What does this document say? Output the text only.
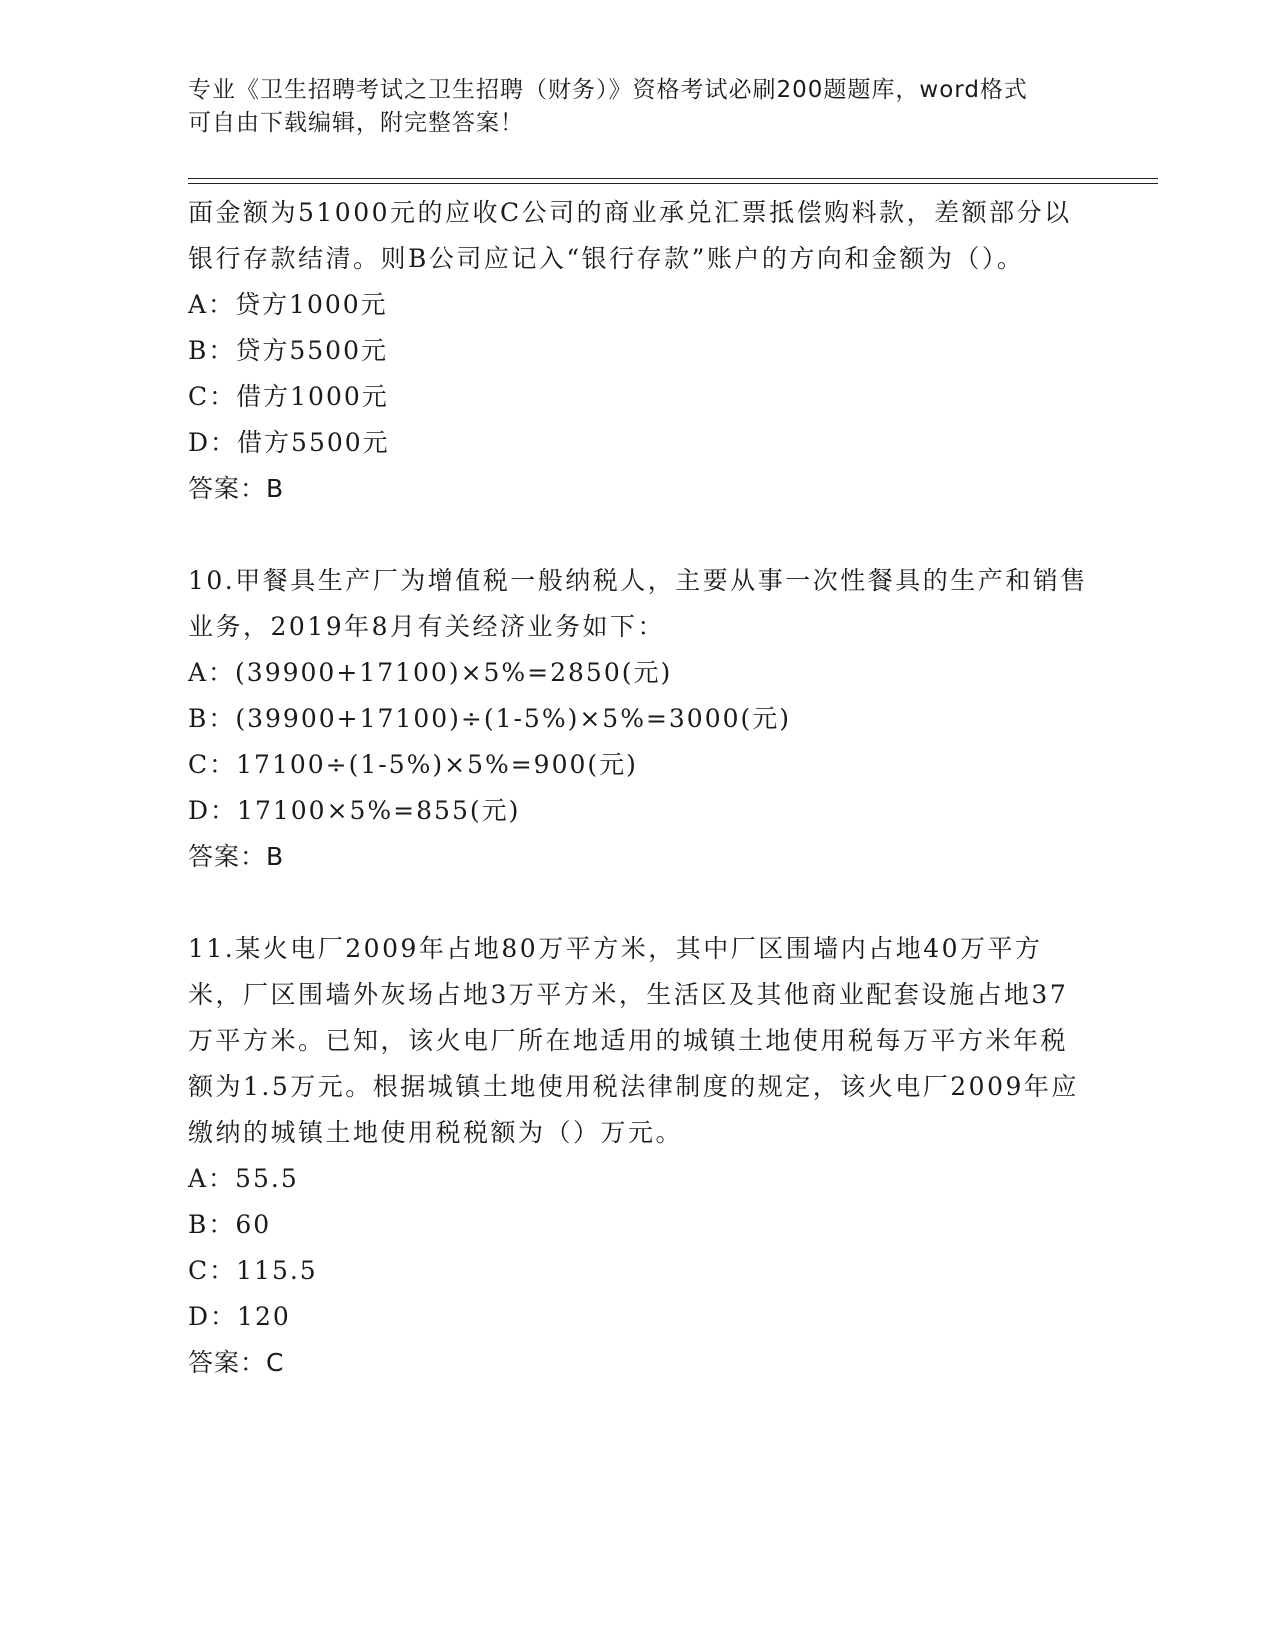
专业《卫生招聘考试之卫生招聘（财务）》资格考试必刷200题题库，word格式
可自由下载编辑，附完整答案！

面金额为51000元的应收C公司的商业承兑汇票抵偿购料款，差额部分以银行存款结清。则B公司应记入“银行存款”账户的方向和金额为（）。

A：贷方1000元

B：贷方5500元

C：借方1000元

D：借方5500元

答案：B

10.甲餐具生产厂为增值税一般纳税人，主要从事一次性餐具的生产和销售业务，2019年8月有关经济业务如下：

A：(39900+17100)×5%=2850(元)

B：(39900+17100)÷(1-5%)×5%=3000(元)

C：17100÷(1-5%)×5%=900(元)

D：17100×5%=855(元)

答案：B

11.某火电厂2009年占地80万平方米，其中厂区围墙内占地40万平方米，厂区围墙外灰场占地3万平方米，生活区及其他商业配套设施占地37万平方米。已知，该火电厂所在地适用的城镇土地使用税每万平方米年税额为1.5万元。根据城镇土地使用税法律制度的规定，该火电厂2009年应缴纳的城镇土地使用税税额为（）万元。

A：55.5

B：60

C：115.5

D：120

答案：C
